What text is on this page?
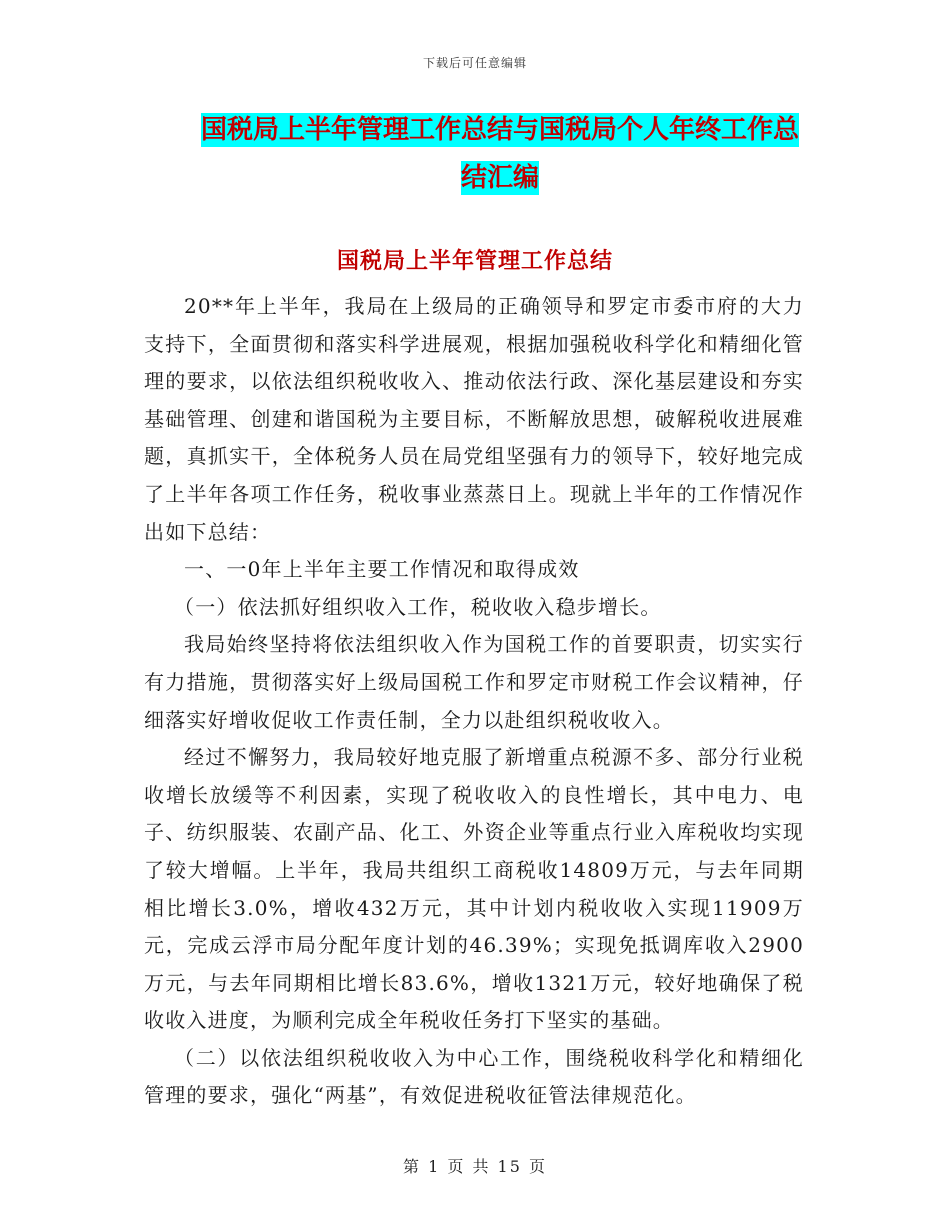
下载后可任意编辑
国税局上半年管理工作总结与国税局个人年终工作总
结汇编
国税局上半年管理工作总结

20**年上半年，我局在上级局的正确领导和罗定市委市府的大力支持下，全面贯彻和落实科学进展观，根据加强税收科学化和精细化管理的要求，以依法组织税收收入、推动依法行政、深化基层建设和夯实基础管理、创建和谐国税为主要目标，不断解放思想，破解税收进展难题，真抓实干，全体税务人员在局党组坚强有力的领导下，较好地完成了上半年各项工作任务，税收事业蒸蒸日上。现就上半年的工作情况作出如下总结：

一、一0年上半年主要工作情况和取得成效

（一）依法抓好组织收入工作，税收收入稳步增长。

我局始终坚持将依法组织收入作为国税工作的首要职责，切实实行有力措施，贯彻落实好上级局国税工作和罗定市财税工作会议精神，仔细落实好增收促收工作责任制，全力以赴组织税收收入。

经过不懈努力，我局较好地克服了新增重点税源不多、部分行业税收增长放缓等不利因素，实现了税收收入的良性增长，其中电力、电子、纺织服装、农副产品、化工、外资企业等重点行业入库税收均实现了较大增幅。上半年，我局共组织工商税收14809万元，与去年同期相比增长3.0%，增收432万元，其中计划内税收收入实现11909万元，完成云浮市局分配年度计划的46.39%；实现免抵调库收入2900万元，与去年同期相比增长83.6%，增收1321万元，较好地确保了税收收入进度，为顺利完成全年税收任务打下坚实的基础。

（二）以依法组织税收收入为中心工作，围绕税收科学化和精细化管理的要求，强化“两基”，有效促进税收征管法律规范化。

第 1 页 共 15 页
